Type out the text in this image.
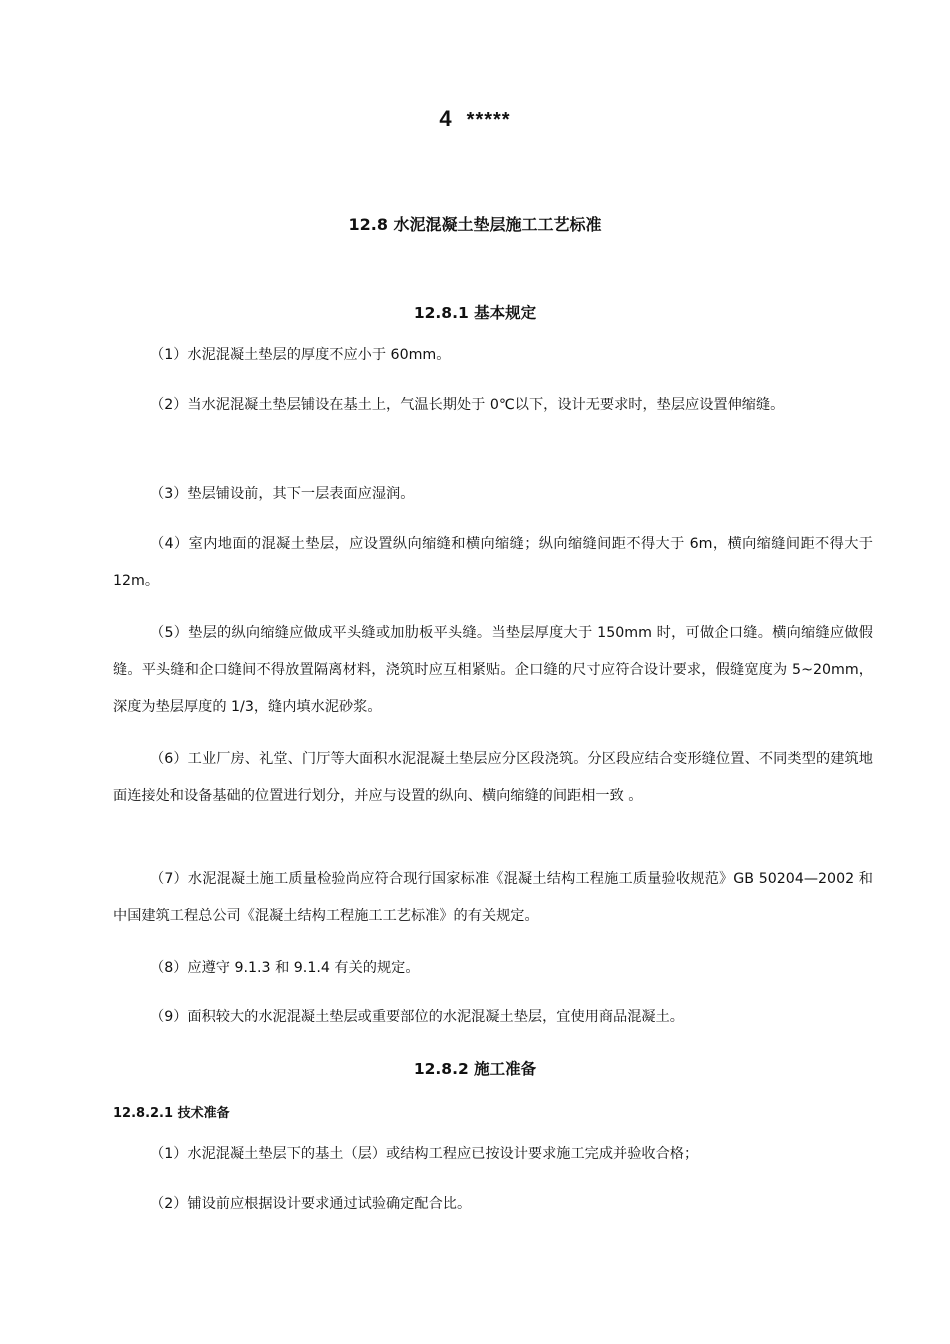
4 *****

12.8 水泥混凝土垫层施工工艺标准

12.8.1 基本规定

（1）水泥混凝土垫层的厚度不应小于 60mm。

（2）当水泥混凝土垫层铺设在基土上，气温长期处于 0℃以下，设计无要求时，垫层应设置伸缩缝。

（3）垫层铺设前，其下一层表面应湿润。

（4）室内地面的混凝土垫层，应设置纵向缩缝和横向缩缝；纵向缩缝间距不得大于 6m，横向缩缝间距不得大于 12m。

（5）垫层的纵向缩缝应做成平头缝或加肋板平头缝。当垫层厚度大于 150mm 时，可做企口缝。横向缩缝应做假缝。平头缝和企口缝间不得放置隔离材料，浇筑时应互相紧贴。企口缝的尺寸应符合设计要求，假缝宽度为 5~20mm，深度为垫层厚度的 1/3，缝内填水泥砂浆。

（6）工业厂房、礼堂、门厅等大面积水泥混凝土垫层应分区段浇筑。分区段应结合变形缝位置、不同类型的建筑地面连接处和设备基础的位置进行划分，并应与设置的纵向、横向缩缝的间距相一致 。

（7）水泥混凝土施工质量检验尚应符合现行国家标准《混凝土结构工程施工质量验收规范》GB 50204—2002 和中国建筑工程总公司《混凝土结构工程施工工艺标准》的有关规定。

（8）应遵守 9.1.3 和 9.1.4 有关的规定。

（9）面积较大的水泥混凝土垫层或重要部位的水泥混凝土垫层，宜使用商品混凝土。

12.8.2 施工准备

12.8.2.1 技术准备

（1）水泥混凝土垫层下的基土（层）或结构工程应已按设计要求施工完成并验收合格；

（2）铺设前应根据设计要求通过试验确定配合比。
